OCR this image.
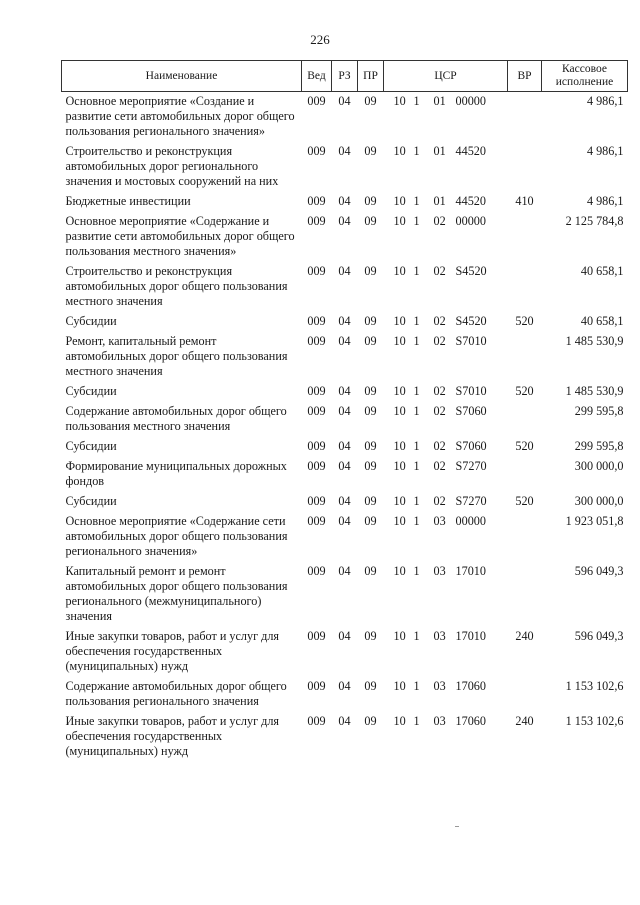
226
Наименование	Вед	РЗ	ПР	ЦСР	ВР	Кассовое исполнение
Основное мероприятие «Создание и развитие сети автомобильных дорог общего пользования регионального значения»	009	04	09	10 1 01 00000		4 986,1
Строительство и реконструкция автомобильных дорог регионального значения и мостовых сооружений на них	009	04	09	10 1 01 44520		4 986,1
Бюджетные инвестиции	009	04	09	10 1 01 44520	410	4 986,1
Основное мероприятие «Содержание и развитие сети автомобильных дорог общего пользования местного значения»	009	04	09	10 1 02 00000		2 125 784,8
Строительство и реконструкция автомобильных дорог общего пользования местного значения	009	04	09	10 1 02 S4520		40 658,1
Субсидии	009	04	09	10 1 02 S4520	520	40 658,1
Ремонт, капитальный ремонт автомобильных дорог общего пользования местного значения	009	04	09	10 1 02 S7010		1 485 530,9
Субсидии	009	04	09	10 1 02 S7010	520	1 485 530,9
Содержание автомобильных дорог общего пользования местного значения	009	04	09	10 1 02 S7060		299 595,8
Субсидии	009	04	09	10 1 02 S7060	520	299 595,8
Формирование муниципальных дорожных фондов	009	04	09	10 1 02 S7270		300 000,0
Субсидии	009	04	09	10 1 02 S7270	520	300 000,0
Основное мероприятие «Содержание сети автомобильных дорог общего пользования регионального значения»	009	04	09	10 1 03 00000		1 923 051,8
Капитальный ремонт и ремонт автомобильных дорог общего пользования регионального (межмуниципального) значения	009	04	09	10 1 03 17010		596 049,3
Иные закупки товаров, работ и услуг для обеспечения государственных (муниципальных) нужд	009	04	09	10 1 03 17010	240	596 049,3
Содержание автомобильных дорог общего пользования регионального значения	009	04	09	10 1 03 17060		1 153 102,6
Иные закупки товаров, работ и услуг для обеспечения государственных (муниципальных) нужд	009	04	09	10 1 03 17060	240	1 153 102,6
